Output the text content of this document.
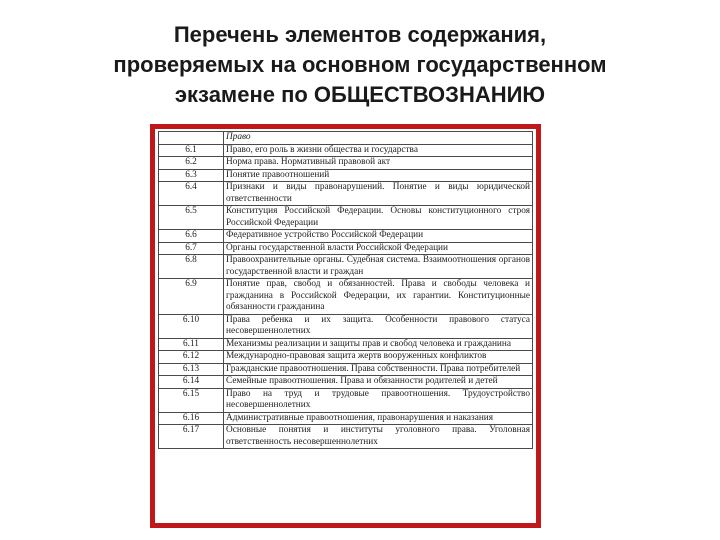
Перечень элементов содержания,
проверяемых на основном государственном
экзамене по ОБЩЕСТВОЗНАНИЮ
	Право
6.1	Право, его роль в жизни общества и государства
6.2	Норма права. Нормативный правовой акт
6.3	Понятие правоотношений
6.4	Признаки и виды правонарушений. Понятие и виды юридической ответственности
6.5	Конституция Российской Федерации. Основы конституционного строя Российской Федерации
6.6	Федеративное устройство Российской Федерации
6.7	Органы государственной власти Российской Федерации
6.8	Правоохранительные органы. Судебная система. Взаимоотношения органов государственной власти и граждан
6.9	Понятие прав, свобод и обязанностей. Права и свободы человека и гражданина в Российской Федерации, их гарантии. Конституционные обязанности гражданина
6.10	Права ребенка и их защита. Особенности правового статуса несовершеннолетних
6.11	Механизмы реализации и защиты прав и свобод человека и гражданина
6.12	Международно-правовая защита жертв вооруженных конфликтов
6.13	Гражданские правоотношения. Права собственности. Права потребителей
6.14	Семейные правоотношения. Права и обязанности родителей и детей
6.15	Право на труд и трудовые правоотношения. Трудоустройство несовершеннолетних
6.16	Административные правоотношения, правонарушения и наказания
6.17	Основные понятия и институты уголовного права. Уголовная ответственность несовершеннолетних
